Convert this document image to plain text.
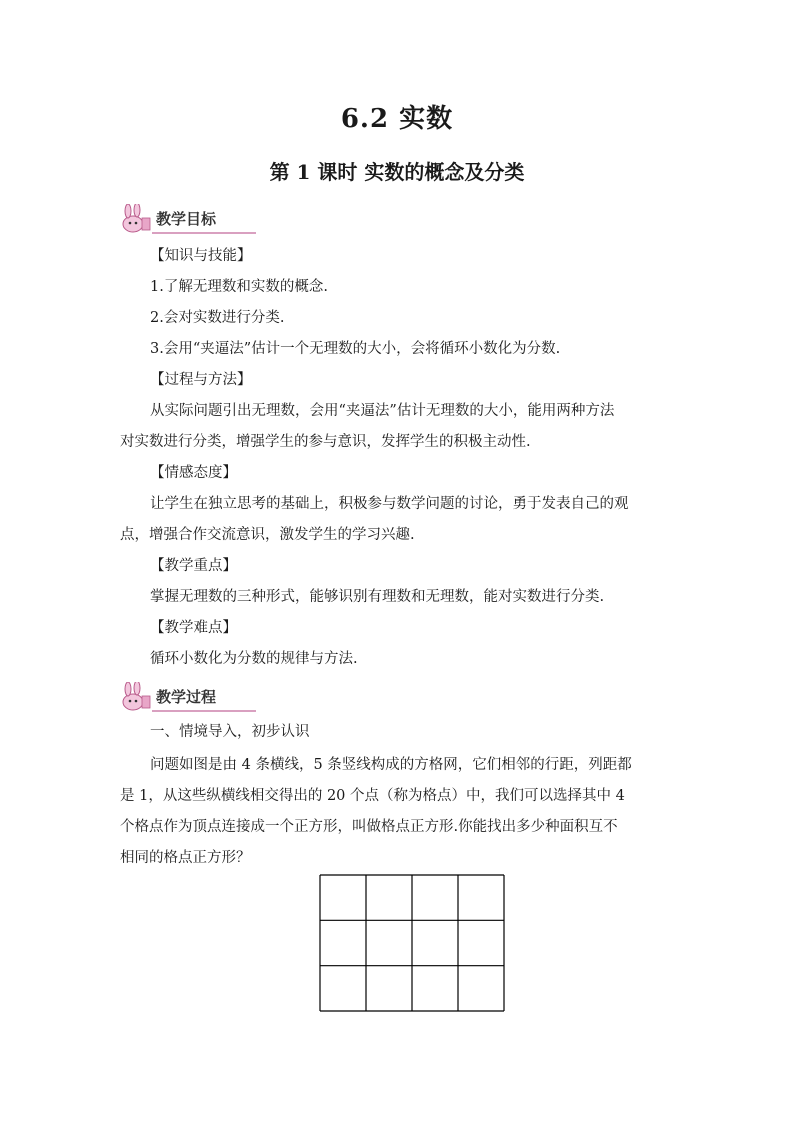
6.2 实数
第 1 课时 实数的概念及分类
教学目标
【知识与技能】
1.了解无理数和实数的概念.
2.会对实数进行分类.
3.会用“夹逼法”估计一个无理数的大小，会将循环小数化为分数.
【过程与方法】
从实际问题引出无理数，会用“夹逼法”估计无理数的大小，能用两种方法
对实数进行分类，增强学生的参与意识，发挥学生的积极主动性.
【情感态度】
让学生在独立思考的基础上，积极参与数学问题的讨论，勇于发表自己的观
点，增强合作交流意识，激发学生的学习兴趣.
【教学重点】
掌握无理数的三种形式，能够识别有理数和无理数，能对实数进行分类.
【教学难点】
循环小数化为分数的规律与方法.
教学过程
一、情境导入，初步认识
问题如图是由 4 条横线，5 条竖线构成的方格网，它们相邻的行距，列距都
是 1，从这些纵横线相交得出的 20 个点（称为格点）中，我们可以选择其中 4
个格点作为顶点连接成一个正方形，叫做格点正方形.你能找出多少种面积互不
相同的格点正方形？
